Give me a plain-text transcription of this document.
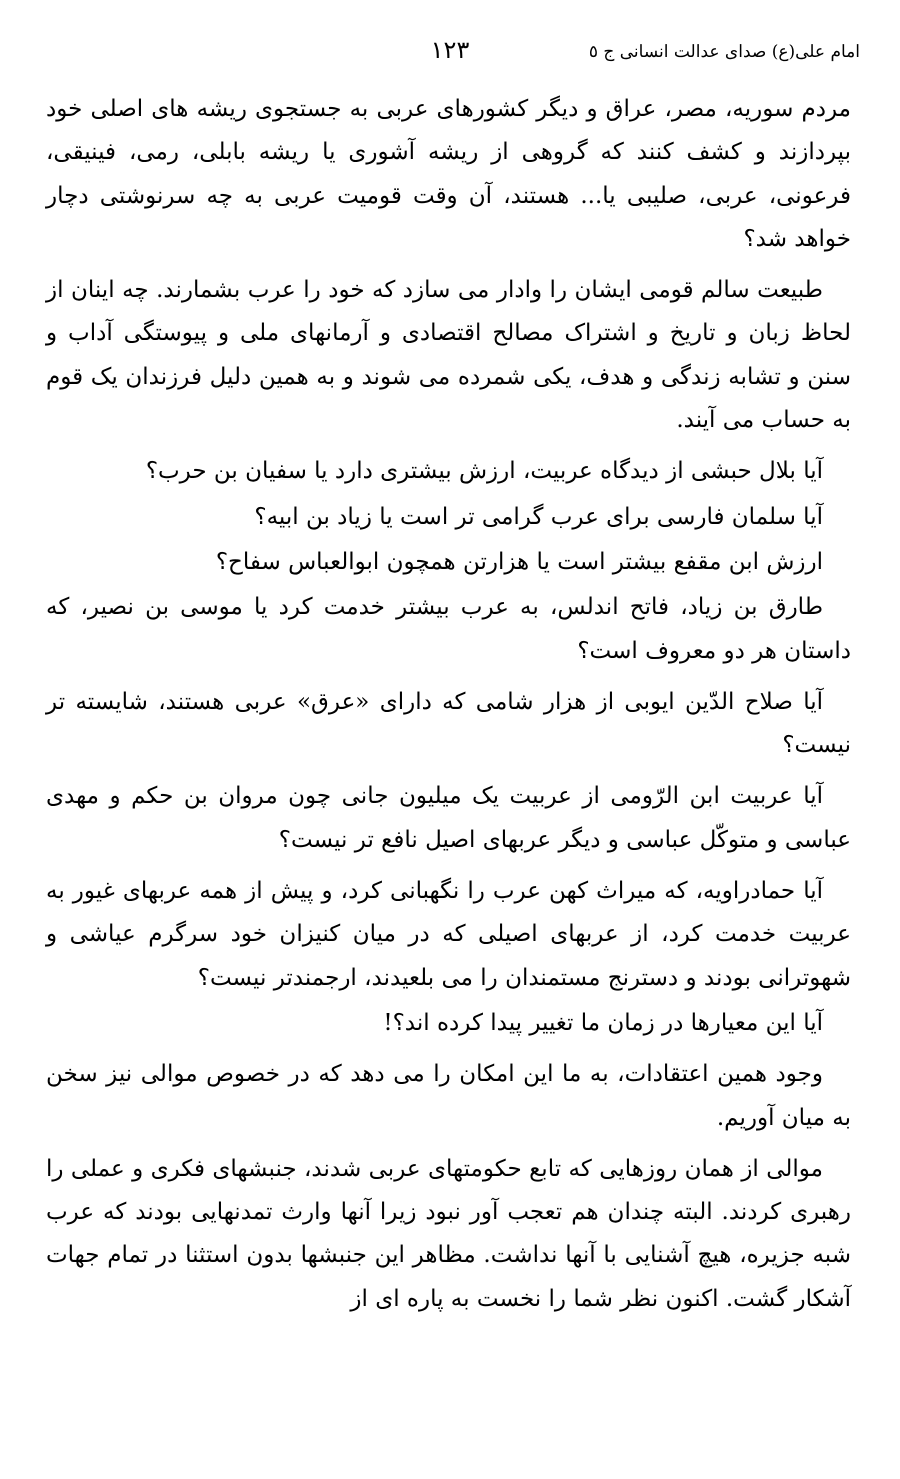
امام علی(ع) صدای عدالت انسانی ج ٥
١٢٣

مردم سوریه، مصر، عراق و دیگر کشورهای عربی به جستجوی ریشه های اصلی خود بپردازند و کشف کنند که گروهی از ریشه آشوری یا ریشه بابلی، رمی، فینیقی، فرعونی، عربی، صلیبی یا... هستند، آن وقت قومیت عربی به چه سرنوشتی دچار خواهد شد؟

طبیعت سالم قومی ایشان را وادار می سازد که خود را عرب بشمارند. چه اینان از لحاظ زبان و تاریخ و اشتراک مصالح اقتصادی و آرمانهای ملی و پیوستگی آداب و سنن و تشابه زندگی و هدف، یکی شمرده می شوند و به همین دلیل فرزندان یک قوم به حساب می آیند.

آیا بلال حبشی از دیدگاه عربیت، ارزش بیشتری دارد یا سفیان بن حرب؟

آیا سلمان فارسی برای عرب گرامی تر است یا زیاد بن ابیه؟

ارزش ابن مقفع بیشتر است یا هزارتن همچون ابوالعباس سفاح؟

طارق بن زیاد، فاتح اندلس، به عرب بیشتر خدمت کرد یا موسی بن نصیر، که داستان هر دو معروف است؟

آیا صلاح الدّین ایوبی از هزار شامی که دارای «عرق» عربی هستند، شایسته تر نیست؟

آیا عربیت ابن الرّومی از عربیت یک میلیون جانی چون مروان بن حکم و مهدی عباسی و متوکّل عباسی و دیگر عربهای اصیل نافع تر نیست؟

آیا حمادراویه، که میراث کهن عرب را نگهبانی کرد، و پیش از همه عربهای غیور به عربیت خدمت کرد، از عربهای اصیلی که در میان کنیزان خود سرگرم عیاشی و شهوترانی بودند و دسترنج مستمندان را می بلعیدند، ارجمندتر نیست؟

آیا این معیارها در زمان ما تغییر پیدا کرده اند؟!

وجود همین اعتقادات، به ما این امکان را می دهد که در خصوص موالی نیز سخن به میان آوریم.

موالی از همان روزهایی که تابع حکومتهای عربی شدند، جنبشهای فکری و عملی را رهبری کردند. البته چندان هم تعجب آور نبود زیرا آنها وارث تمدنهایی بودند که عرب شبه جزیره، هیچ آشنایی با آنها نداشت. مظاهر این جنبشها بدون استثنا در تمام جهات آشکار گشت. اکنون نظر شما را نخست به پاره ای از
